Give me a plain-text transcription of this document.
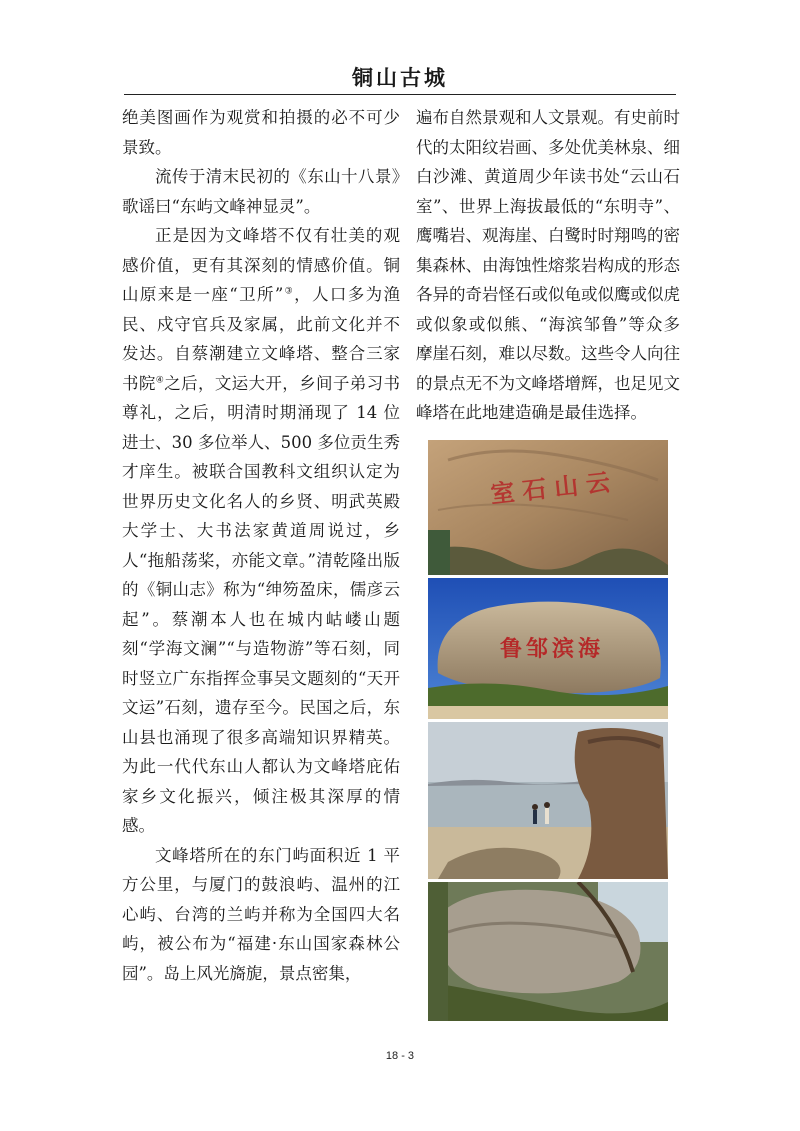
铜山古城

绝美图画作为观赏和拍摄的必不可少景致。

流传于清末民初的《东山十八景》歌谣曰“东屿文峰神显灵”。

正是因为文峰塔不仅有壮美的观感价值，更有其深刻的情感价值。铜山原来是一座“卫所”③，人口多为渔民、戍守官兵及家属，此前文化并不发达。自蔡潮建立文峰塔、整合三家书院④之后，文运大开，乡间子弟习书尊礼，之后，明清时期涌现了 14 位进士、30 多位举人、500 多位贡生秀才庠生。被联合国教科文组织认定为世界历史文化名人的乡贤、明武英殿大学士、大书法家黄道周说过，乡人“拖船荡桨，亦能文章。”清乾隆出版的《铜山志》称为“绅笏盈床，儒彦云起”。蔡潮本人也在城内岵嵝山题刻“学海文澜”“与造物游”等石刻，同时竖立广东指挥佥事吴文题刻的“天开文运”石刻，遗存至今。民国之后，东山县也涌现了很多高端知识界精英。为此一代代东山人都认为文峰塔庇佑家乡文化振兴，倾注极其深厚的情感。

文峰塔所在的东门屿面积近 1 平方公里，与厦门的鼓浪屿、温州的江心屿、台湾的兰屿并称为全国四大名屿，被公布为“福建·东山国家森林公园”。岛上风光旖旎，景点密集，

遍布自然景观和人文景观。有史前时代的太阳纹岩画、多处优美林泉、细白沙滩、黄道周少年读书处“云山石室”、世界上海拔最低的“东明寺”、鹰嘴岩、观海崖、白鹭时时翔鸣的密集森林、由海蚀性熔浆岩构成的形态各异的奇岩怪石或似龟或似鹰或似虎或似象或似熊、“海滨邹鲁”等众多摩崖石刻，难以尽数。这些令人向往的景点无不为文峰塔增辉，也足见文峰塔在此地建造确是最佳选择。

云山石室
海滨邹鲁
18 - 3
